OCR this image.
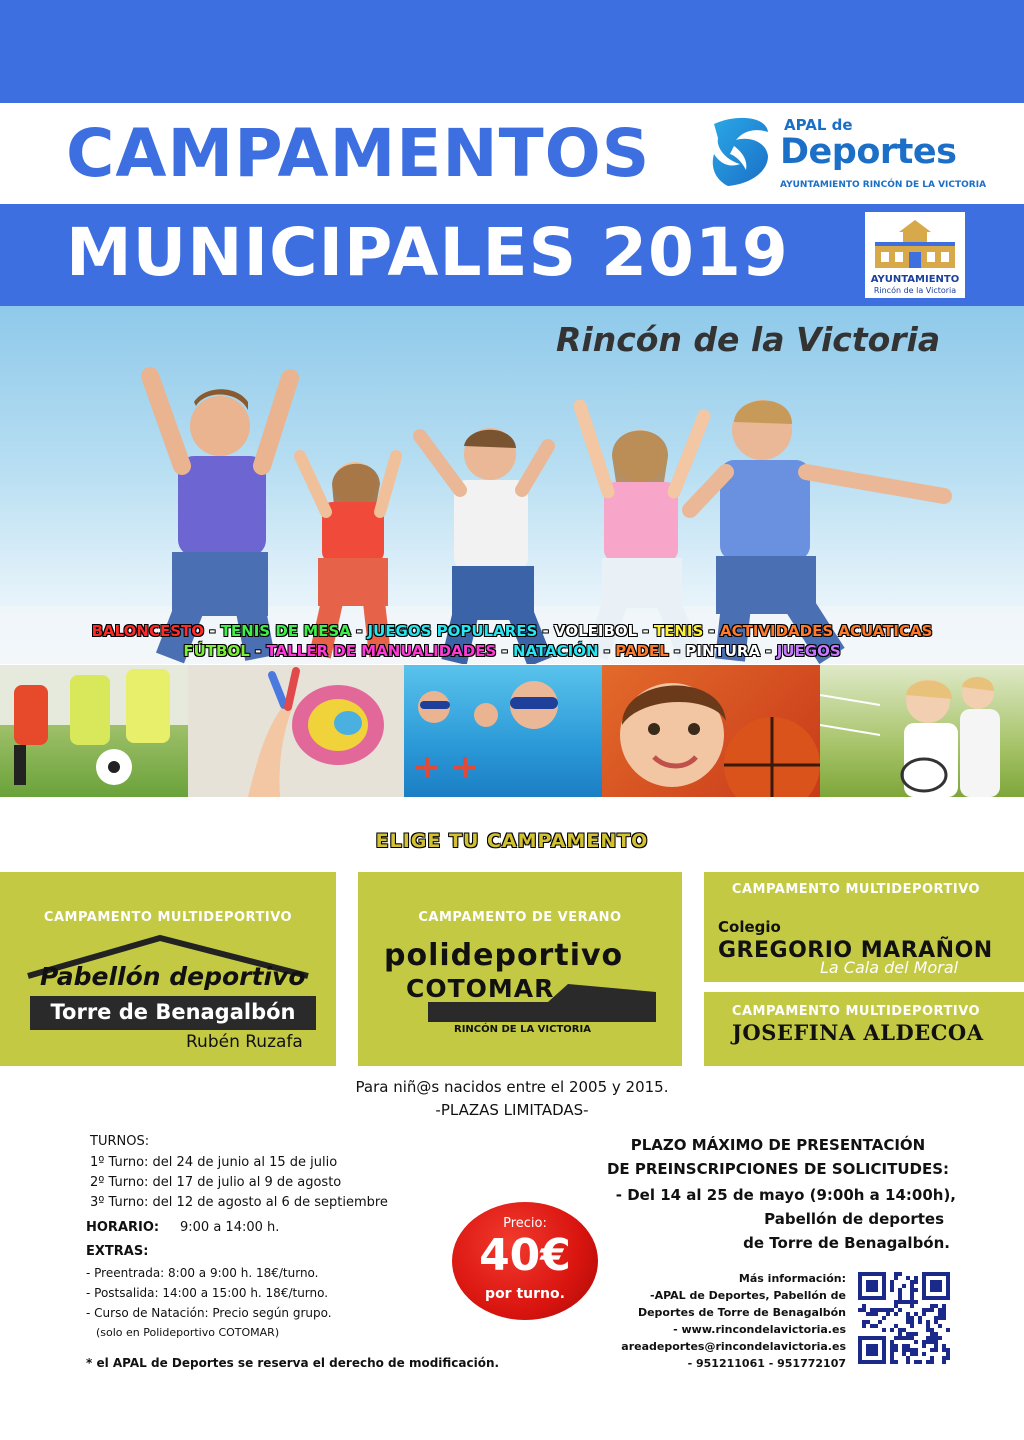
CAMPAMENTOS	APAL de
Deportes
AYUNTAMIENTO RINCÓN DE LA VICTORIA
MUNICIPALES 2019	AYUNTAMIENTO
Rincón de la Victoria
Rincón de la Victoria
BALONCESTO - TENIS DE MESA - JUEGOS POPULARES - VOLEIBOL - TENIS - ACTIVIDADES ACUATICAS
FÚTBOL - TALLER DE MANUALIDADES - NATACIÓN - PADEL - PINTURA - JUEGOS
ELIGE TU CAMPAMENTO
CAMPAMENTO MULTIDEPORTIVO
Pabellón deportivo
Torre de Benagalbón
Rubén Ruzafa
CAMPAMENTO DE VERANO
polideportivo
COTOMAR
RINCÓN DE LA VICTORIA
CAMPAMENTO MULTIDEPORTIVO
Colegio
GREGORIO MARAÑON
La Cala del Moral
CAMPAMENTO MULTIDEPORTIVO
JOSEFINA ALDECOA
Para niñ@s nacidos entre el 2005 y 2015.
-PLAZAS LIMITADAS-
TURNOS:
1º Turno: del 24 de junio al 15 de julio
2º Turno: del 17 de julio al 9 de agosto
3º Turno: del 12 de agosto al 6 de septiembre
HORARIO: 9:00 a 14:00 h.
EXTRAS:
- Preentrada: 8:00 a 9:00 h. 18€/turno.
- Postsalida: 14:00 a 15:00 h. 18€/turno.
- Curso de Natación: Precio según grupo.
(solo en Polideportivo COTOMAR)
* el APAL de Deportes se reserva el derecho de modificación.
Precio:
40€
por turno.
PLAZO MÁXIMO DE PRESENTACIÓN
DE PREINSCRIPCIONES DE SOLICITUDES:
- Del 14 al 25 de mayo (9:00h a 14:00h),
Pabellón de deportes
de Torre de Benagalbón.
Más información:
-APAL de Deportes, Pabellón de
Deportes de Torre de Benagalbón
- www.rincondelavictoria.es
areadeportes@rincondelavictoria.es
- 951211061 - 951772107
